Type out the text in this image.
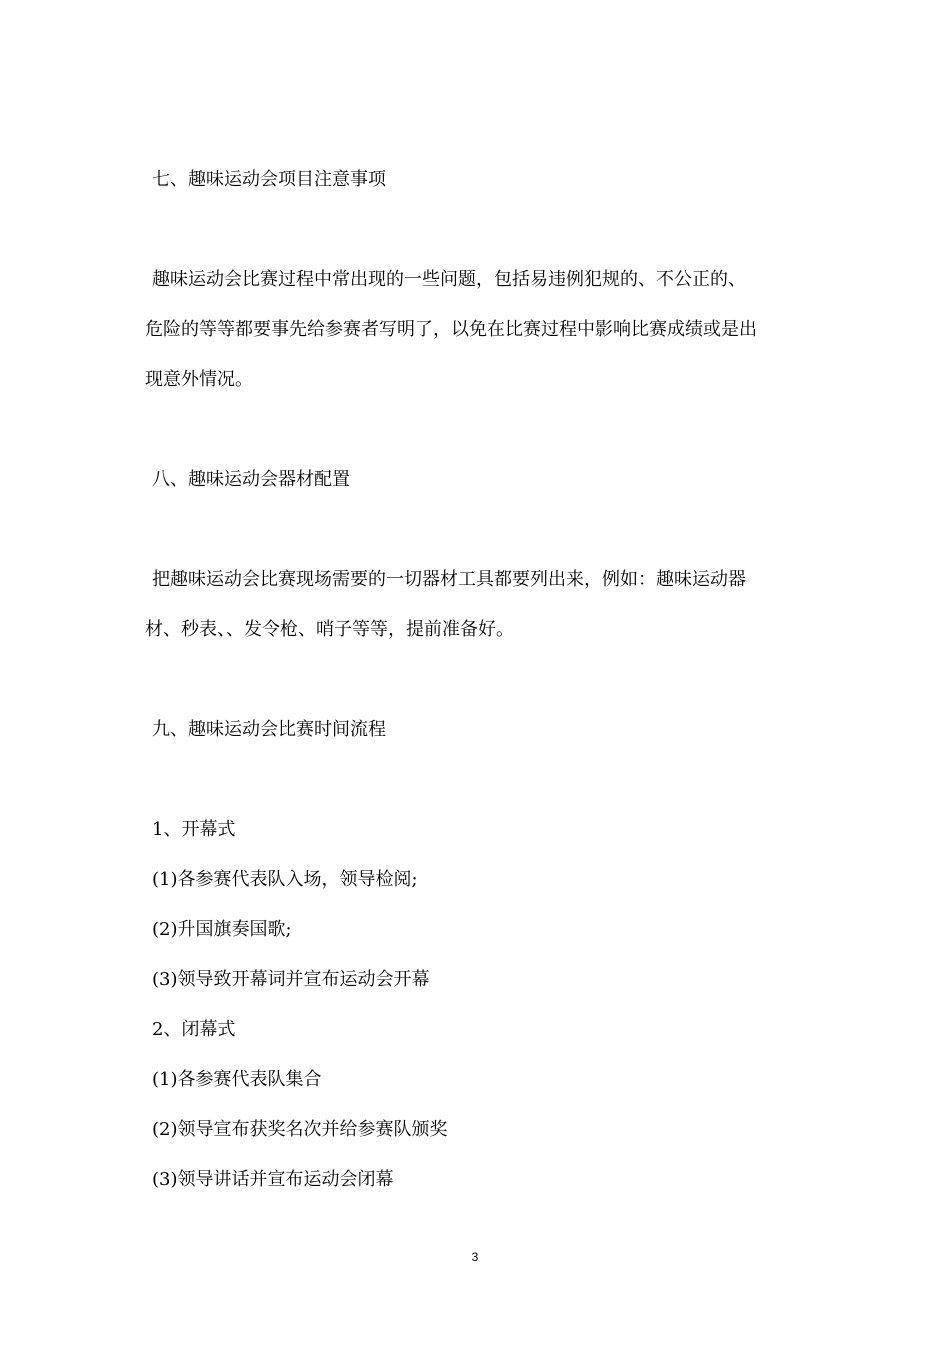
七、趣味运动会项目注意事项

趣味运动会比赛过程中常出现的一些问题，包括易违例犯规的、不公正的、

危险的等等都要事先给参赛者写明了，以免在比赛过程中影响比赛成绩或是出

现意外情况。

八、趣味运动会器材配置

把趣味运动会比赛现场需要的一切器材工具都要列出来，例如：趣味运动器

材、秒表、、发令枪、哨子等等，提前准备好。

九、趣味运动会比赛时间流程

1、开幕式

(1)各参赛代表队入场，领导检阅;

(2)升国旗奏国歌;

(3)领导致开幕词并宣布运动会开幕

2、闭幕式

(1)各参赛代表队集合

(2)领导宣布获奖名次并给参赛队颁奖

(3)领导讲话并宣布运动会闭幕

3
